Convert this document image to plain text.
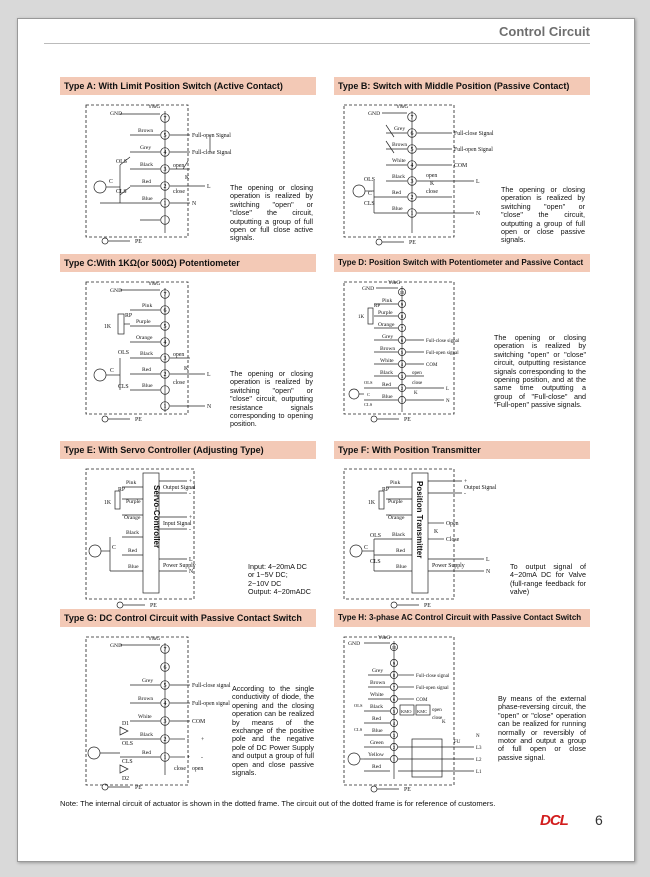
Control Circuit
Type A: With Limit Position Switch (Active Contact)
GND
Y&G
Brown
Grey
Black
Red
Blue
7
5
4
3
2
1
Full-open Signal
Full-close Signal
open
close
L
N
PE
OLS
CLS
C
K
The opening or closing operation is realized by switching "open" or "close" the circuit, outputting a group of full open or full close active signals.
Type B: Switch with Middle Position (Passive Contact)
GND
Y&G
Grey
Brown
White
Black
Red
Blue
7
6
5
4
3
2
1
Full-close Signal
Full-open Signal
COM
open
close
L
N
PE
OLS
CLS
C
K
The opening or closing operation is realized by switching "open" or "close" the circuit, outputting a group of full open or close passive signals.
Type C:With 1KΩ(or 500Ω) Potentiometer
GND
Y&G
Pink
Purple
Orange
Black
Red
Blue
7
6
5
4
3
2
1
open
close
L
N
PE
RP
1K
OLS
CLS
C	K	The opening or closing operation is realized by switching "open" or "close" circuit, outputting resistance signals corresponding to opening position.
Type D: Position Switch with Potentiometer and Passive Contact
GND
Y&G
Pink
Purple
Orange
Grey
Brown
White
Black
Red
Blue
10
9
8
7
6
5
4
3
2
1
Full-close signal
Full-open signal
COM
open
close
L
N
PE
RP
1K
OLS
CLS
C	K
The opening or closing operation is realized by switching "open" or "close" circuit, outputting resistance signals corresponding to the opening position, and at the same time outputting a group of "Full-close" and "Full-open" passive signals.
Type E: With Servo Controller (Adjusting Type)
Servo-Controller
Pink
Purple
Orange
Black
Red
Blue
Output Signal
Input Signal
Power Supply
L
N
PE
RP
1K
C
+
-
+
-
Input: 4~20mA DC
or 1~5V DC;
2~10V DC
Output: 4~20mADC
Type F: With Position Transmitter
Position Transmitter
Pink
Purple
Orange
Black
Red
Blue
Output Signal
Open
Close
Power Supply
L
N
PE
RP
1K
OLS
CLS
C
K
+
-
To output signal of 4~20mA DC for Valve (full-range feedback for valve)
Type G: DC Control Circuit with Passive Contact Switch
GND
Y&G
Grey
Brown
White
Black
Red
7
6
5
4
3
2
1
Full-close signal
Full-open signal
COM
close open
PE
D1
D2
OLS
CLS
- +
+ -
According to the single conductivity of diode, the opening and the closing operation can be realized by means of the exchange of the positive pole and the negative pole of DC Power Supply and output a group of full open and close passive signals.
Type H: 3-phase AC Control Circuit with Passive Contact Switch
GND
Y&G
Grey
Brown
White
Black
Red
Blue
Green
Yellow
Red
10
9
8
7
6
5
4
3
2
1
Full-close signal
Full-open signal
COM
open
close
N
L3
L2
L1
FU
KMO KMC
PE
OLS
CLS
K
By means of the external phase-reversing circuit, the "open" or "close" operation can be realized for running normally or reversibly of motor and output a group of full open or close passive signal.
Note: The internal circuit of actuator is shown in the dotted frame. The circuit out of the dotted frame is for reference of customers.
DCL 6
